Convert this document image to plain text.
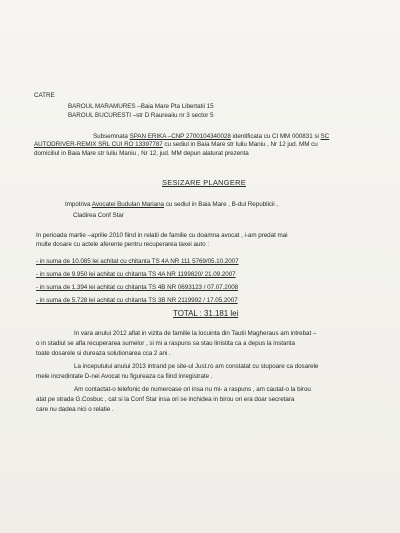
CATRE
BAROUL MARAMURES –Baia Mare Pta Libertatii 15
BAROUL BUCURESTI –str D Raureaiiu nr 3 sector 5
Subsemnata SPAN ERIKA –CNP 2700104340028 identificata cu CI MM 000831 si SC
AUTODRIVER-REMIX SRL CUI RO 13397787 cu sediul in Baia Mare str Iuliu Maniu , Nr 12 jud. MM cu
domiciliul in Baia Mare str Iuliu Maniu , Nr 12, jud. MM depun alaturat prezenta
SESIZARE PLANGERE
Impotriva Avocatei Budulan Mariana cu sediul in Baia Mare , B-dul Republicii ,
Cladirea Conf Star
In perioada martie –aprilie 2010 fiind in relatii de familie cu doamna avocat , i-am predat mai
multe dosare cu actele aferente pentru recuperarea taxei auto :
- in suma de 10.085 lei achitat cu chitanta TS 4A NR 111 5769/05.10.2007
- in suma de 9.950 lei achitat cu chitanta TS 4A NR 1199820/ 21.09.2007
- in suma de 1.394 lei achitat cu chitanta TS 4B NR 0693123 / 07.07.2008
- in suma de 5.728 lei achitat cu chitanta TS 3B NR 2119992 / 17.05.2007
TOTAL : 31.181 lei
In vara anului 2012 aflat in vizita de familie la locuinta din Tautii Magheraus am intrebat –
o in stadiul se afla recuperarea sumelor , si mi a raspuns sa stau linistita ca a depus la instanta
toate dosarele si dureaza solutionarea cca 2 ani .
La inceputului anului 2013 intrand pe site-ul Just.ro am constatat cu stupoare ca dosarele
mele incredintate D-nei Avocat nu figureaza ca fiind inregistrate .
Am contactat-o telefonic de numeroase ori insa nu mi- a raspuns , am cautat-o la birou
atat pe strada G.Cosbuc , cat si la Conf Star insa ori se inchidea in birou ori era doar secretara
care nu dadea nici o relatie .
